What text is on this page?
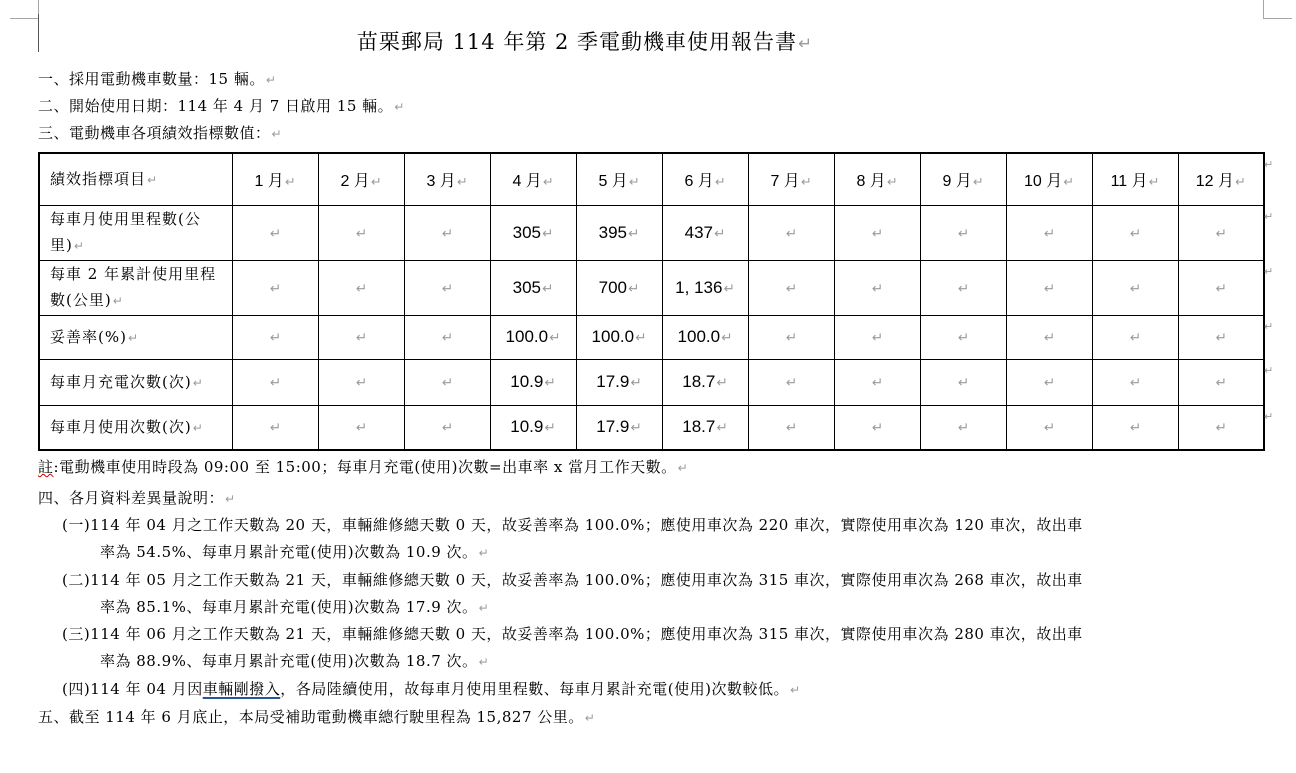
苗栗郵局 114 年第 2 季電動機車使用報告書↵
一、採用電動機車數量：15 輛。↵
二、開始使用日期：114 年 4 月 7 日啟用 15 輛。↵
三、電動機車各項績效指標數值：↵
績效指標項目↵	1 月↵	2 月↵	3 月↵	4 月↵	5 月↵	6 月↵	7 月↵	8 月↵	9 月↵	10 月↵	11 月↵	12 月↵
每車月使用里程數(公里)↵	↵	↵	↵	305↵	395↵	437↵	↵	↵	↵	↵	↵	↵
每車 2 年累計使用里程數(公里)↵	↵	↵	↵	305↵	700↵	1, 136↵	↵	↵	↵	↵	↵	↵
妥善率(%)↵	↵	↵	↵	100.0↵	100.0↵	100.0↵	↵	↵	↵	↵	↵	↵
每車月充電次數(次)↵	↵	↵	↵	10.9↵	17.9↵	18.7↵	↵	↵	↵	↵	↵	↵
每車月使用次數(次)↵	↵	↵	↵	10.9↵	17.9↵	18.7↵	↵	↵	↵	↵	↵	↵
↵
↵
↵
↵
↵
↵
註:電動機車使用時段為 09:00 至 15:00；每車月充電(使用)次數=出車率 x 當月工作天數。↵
四、各月資料差異量說明：↵
(一)114 年 04 月之工作天數為 20 天，車輛維修總天數 0 天，故妥善率為 100.0%；應使用車次為 220 車次，實際使用車次為 120 車次，故出車
率為 54.5%、每車月累計充電(使用)次數為 10.9 次。↵
(二)114 年 05 月之工作天數為 21 天，車輛維修總天數 0 天，故妥善率為 100.0%；應使用車次為 315 車次，實際使用車次為 268 車次，故出車
率為 85.1%、每車月累計充電(使用)次數為 17.9 次。↵
(三)114 年 06 月之工作天數為 21 天，車輛維修總天數 0 天，故妥善率為 100.0%；應使用車次為 315 車次，實際使用車次為 280 車次，故出車
率為 88.9%、每車月累計充電(使用)次數為 18.7 次。↵
(四)114 年 04 月因車輛剛撥入，各局陸續使用，故每車月使用里程數、每車月累計充電(使用)次數較低。↵
五、截至 114 年 6 月底止，本局受補助電動機車總行駛里程為 15,827 公里。↵
